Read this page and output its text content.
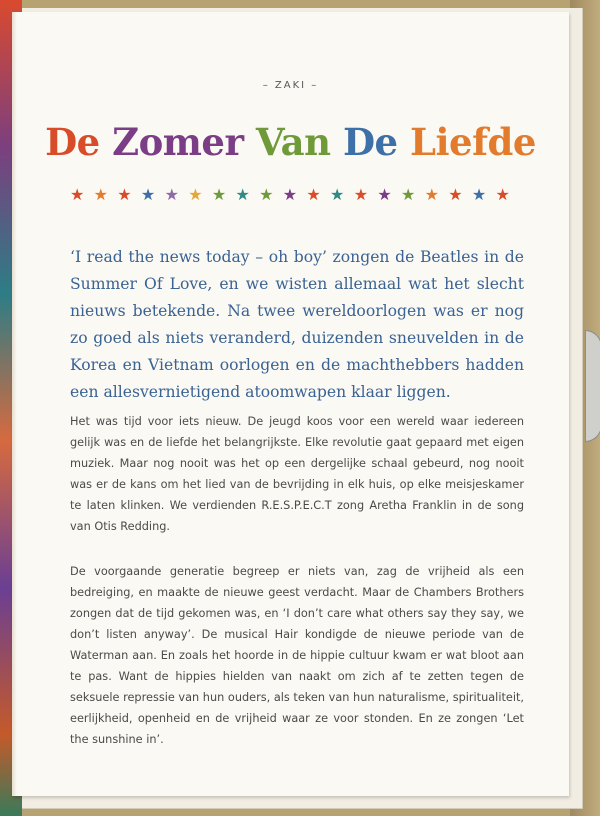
– ZAKI –
De Zomer Van De Liefde
★ ★ ★ ★ ★ ★ ★ ★ ★ ★ ★ ★ ★ ★ ★ ★ ★ ★ ★

‘I read the news today – oh boy’ zongen de Beatles in de Summer Of Love, en we wisten allemaal wat het slecht nieuws betekende. Na twee wereldoorlogen was er nog zo goed als niets veranderd, duizenden sneuvelden in de Korea en Vietnam oorlogen en de machthebbers hadden een allesvernietigend atoomwapen klaar liggen.

Het was tijd voor iets nieuw. De jeugd koos voor een wereld waar iedereen gelijk was en de liefde het belangrijkste. Elke revolutie gaat gepaard met eigen muziek. Maar nog nooit was het op een dergelijke schaal gebeurd, nog nooit was er de kans om het lied van de bevrijding in elk huis, op elke meisjeskamer te laten klinken. We verdienden R.E.S.P.E.C.T zong Aretha Franklin in de song van Otis Redding.

De voorgaande generatie begreep er niets van, zag de vrijheid als een bedreiging, en maakte de nieuwe geest verdacht. Maar de Chambers Brothers zongen dat de tijd gekomen was, en ‘I don’t care what others say they say, we don’t listen anyway’. De musical Hair kondigde de nieuwe periode van de Waterman aan. En zoals het hoorde in de hippie cultuur kwam er wat bloot aan te pas. Want de hippies hielden van naakt om zich af te zetten tegen de seksuele repressie van hun ouders, als teken van hun naturalisme, spiritualiteit, eerlijkheid, openheid en de vrijheid waar ze voor stonden. En ze zongen ‘Let the sunshine in’.
